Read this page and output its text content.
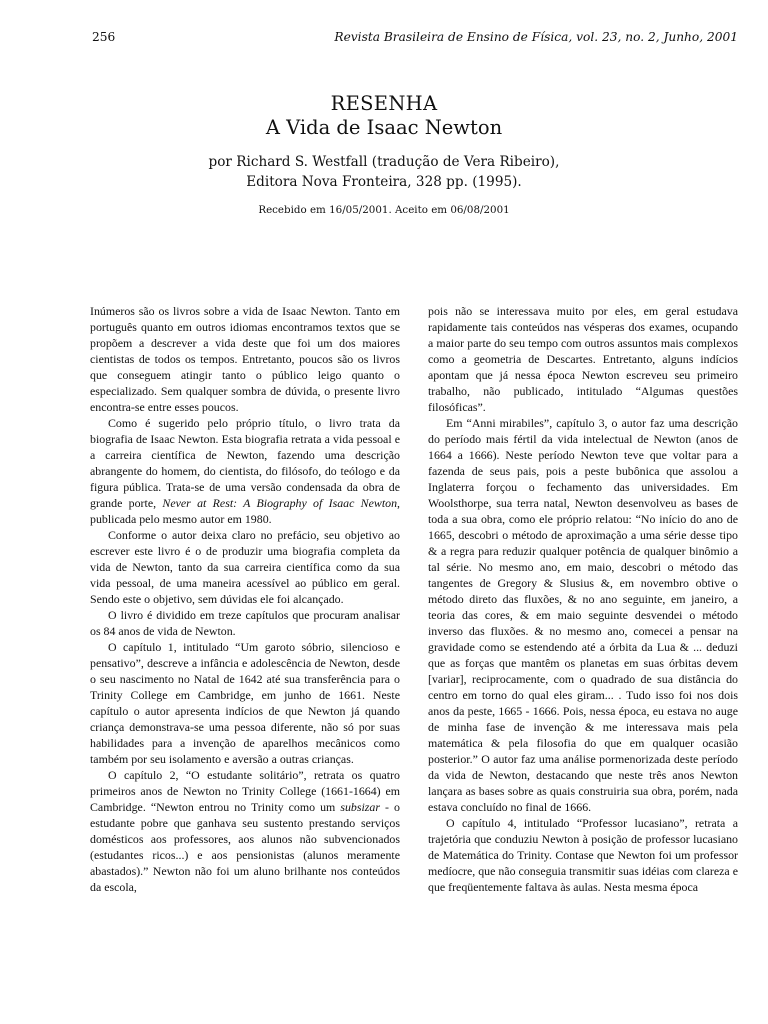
256	Revista Brasileira de Ensino de Física, vol. 23, no. 2, Junho, 2001
RESENHA
A Vida de Isaac Newton
por Richard S. Westfall (tradução de Vera Ribeiro),
Editora Nova Fronteira, 328 pp. (1995).
Recebido em 16/05/2001. Aceito em 06/08/2001

Inúmeros são os livros sobre a vida de Isaac Newton. Tanto em português quanto em outros idiomas encontramos textos que se propõem a descrever a vida deste que foi um dos maiores cientistas de todos os tempos. Entretanto, poucos são os livros que conseguem atingir tanto o público leigo quanto o especializado. Sem qualquer sombra de dúvida, o presente livro encontra-se entre esses poucos.

Como é sugerido pelo próprio título, o livro trata da biografia de Isaac Newton. Esta biografia retrata a vida pessoal e a carreira científica de Newton, fazendo uma descrição abrangente do homem, do cientista, do filósofo, do teólogo e da figura pública. Trata-se de uma versão condensada da obra de grande porte, Never at Rest: A Biography of Isaac Newton, publicada pelo mesmo autor em 1980.

Conforme o autor deixa claro no prefácio, seu objetivo ao escrever este livro é o de produzir uma biografia completa da vida de Newton, tanto da sua carreira científica como da sua vida pessoal, de uma maneira acessível ao público em geral. Sendo este o objetivo, sem dúvidas ele foi alcançado.

O livro é dividido em treze capítulos que procuram analisar os 84 anos de vida de Newton.

O capítulo 1, intitulado “Um garoto sóbrio, silencioso e pensativo”, descreve a infância e adolescência de Newton, desde o seu nascimento no Natal de 1642 até sua transferência para o Trinity College em Cambridge, em junho de 1661. Neste capítulo o autor apresenta indícios de que Newton já quando criança demonstrava-se uma pessoa diferente, não só por suas habilidades para a invenção de aparelhos mecânicos como também por seu isolamento e aversão a outras crianças.

O capítulo 2, “O estudante solitário”, retrata os quatro primeiros anos de Newton no Trinity College (1661-1664) em Cambridge. “Newton entrou no Trinity como um subsizar - o estudante pobre que ganhava seu sustento prestando serviços domésticos aos professores, aos alunos não subvencionados (estudantes ricos...) e aos pensionistas (alunos meramente abastados).” Newton não foi um aluno brilhante nos conteúdos da escola,

pois não se interessava muito por eles, em geral estudava rapidamente tais conteúdos nas vésperas dos exames, ocupando a maior parte do seu tempo com outros assuntos mais complexos como a geometria de Descartes. Entretanto, alguns indícios apontam que já nessa época Newton escreveu seu primeiro trabalho, não publicado, intitulado “Algumas questões filosóficas”.

Em “Anni mirabiles”, capítulo 3, o autor faz uma descrição do período mais fértil da vida intelectual de Newton (anos de 1664 a 1666). Neste período Newton teve que voltar para a fazenda de seus pais, pois a peste bubônica que assolou a Inglaterra forçou o fechamento das universidades. Em Woolsthorpe, sua terra natal, Newton desenvolveu as bases de toda a sua obra, como ele próprio relatou: “No início do ano de 1665, descobri o método de aproximação a uma série desse tipo & a regra para reduzir qualquer potência de qualquer binômio a tal série. No mesmo ano, em maio, descobri o método das tangentes de Gregory & Slusius &, em novembro obtive o método direto das fluxões, & no ano seguinte, em janeiro, a teoria das cores, & em maio seguinte desvendei o método inverso das fluxões. & no mesmo ano, comecei a pensar na gravidade como se estendendo até a órbita da Lua & ... deduzi que as forças que mantêm os planetas em suas órbitas devem [variar], reciprocamente, com o quadrado de sua distância do centro em torno do qual eles giram... . Tudo isso foi nos dois anos da peste, 1665 - 1666. Pois, nessa época, eu estava no auge de minha fase de invenção & me interessava mais pela matemática & pela filosofia do que em qualquer ocasião posterior.” O autor faz uma análise pormenorizada deste período da vida de Newton, destacando que neste três anos Newton lançara as bases sobre as quais construiria sua obra, porém, nada estava concluído no final de 1666.

O capítulo 4, intitulado “Professor lucasiano”, retrata a trajetória que conduziu Newton à posição de professor lucasiano de Matemática do Trinity. Contase que Newton foi um professor medíocre, que não conseguia transmitir suas idéias com clareza e que freqüentemente faltava às aulas. Nesta mesma época
